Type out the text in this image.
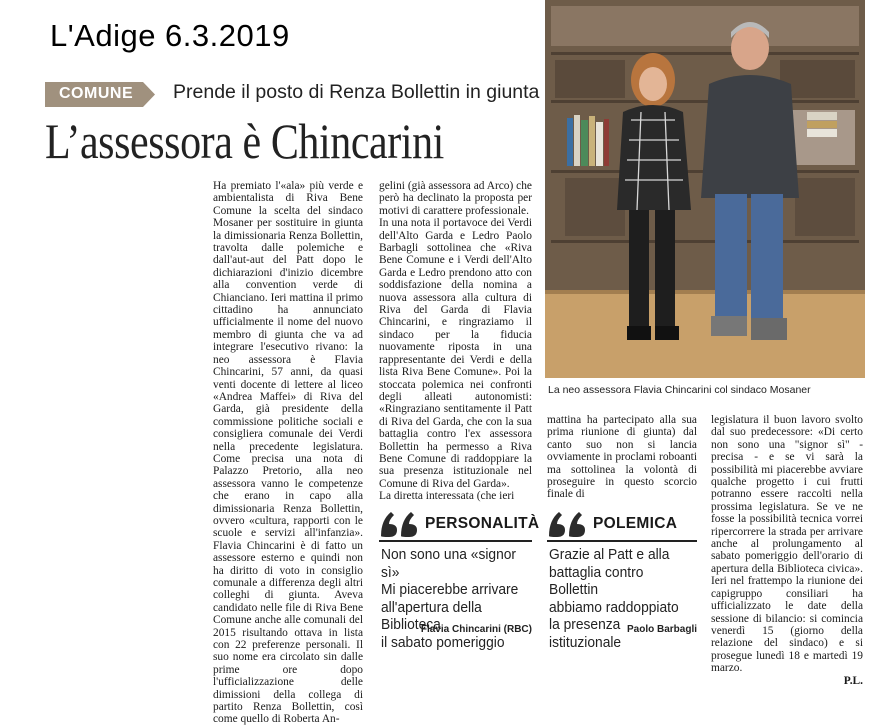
L'Adige 6.3.2019
COMUNE Prende il posto di Renza Bollettin in giunta
L’assessora è Chincarini

Ha premiato l'«ala» più verde e ambientalista di Riva Bene Comune la scelta del sindaco Mosaner per sostituire in giunta la dimissionaria Renza Bollettin, travolta dalle polemiche e dall'aut-aut del Patt dopo le dichiarazioni d'inizio dicembre alla convention verde di Chianciano. Ieri mattina il primo cittadino ha annunciato ufficialmente il nome del nuovo membro di giunta che va ad integrare l'esecutivo rivano: la neo assessora è Flavia Chincarini, 57 anni, da quasi venti docente di lettere al liceo «Andrea Maffei» di Riva del Garda, già presidente della commissione politiche sociali e consigliera comunale dei Verdi nella precedente legislatura. Come precisa una nota di Palazzo Pretorio, alla neo assessora vanno le competenze che erano in capo alla dimissionaria Renza Bollettin, ovvero «cultura, rapporti con le scuole e servizi all'infanzia». Flavia Chincarini è di fatto un assessore esterno e quindi non ha diritto di voto in consiglio comunale a differenza degli altri colleghi di giunta. Aveva candidato nelle file di Riva Bene Comune anche alle comunali del 2015 risultando ottava in lista con 22 preferenze personali. Il suo nome era circolato sin dalle prime ore dopo l'ufficializzazione delle dimissioni della collega di partito Renza Bollettin, così come quello di Roberta An-

gelini (già assessora ad Arco) che però ha declinato la proposta per motivi di carattere professionale.

In una nota il portavoce dei Verdi dell'Alto Garda e Ledro Paolo Barbagli sottolinea che «Riva Bene Comune e i Verdi dell'Alto Garda e Ledro prendono atto con soddisfazione della nomina a nuova assessora alla cultura di Riva del Garda di Flavia Chincarini, e ringraziamo il sindaco per la fiducia nuovamente riposta in una rappresentante dei Verdi e della lista Riva Bene Comune». Poi la stoccata polemica nei confronti degli alleati autonomisti: «Ringraziano sentitamente il Patt di Riva del Garda, che con la sua battaglia contro l'ex assessora Bollettin ha permesso a Riva Bene Comune di raddoppiare la sua presenza istituzionale nel Comune di Riva del Garda».

La diretta interessata (che ieri

mattina ha partecipato alla sua prima riunione di giunta) dal canto suo non si lancia ovviamente in proclami roboanti ma sottolinea la volontà di proseguire in questo scorcio finale di

legislatura il buon lavoro svolto dal suo predecessore: «Di certo non sono una "signor sì" - precisa - e se vi sarà la possibilità mi piacerebbe avviare qualche progetto i cui frutti potranno essere raccolti nella prossima legislatura. Se ve ne fosse la possibilità tecnica vorrei ripercorrere la strada per arrivare anche al prolungamento al sabato pomeriggio dell'orario di apertura della Biblioteca civica». Ieri nel frattempo la riunione dei capigruppo consiliari ha ufficializzato le date della sessione di bilancio: si comincia venerdì 15 (giorno della relazione del sindaco) e si prosegue lunedì 18 e martedì 19 marzo.

P.L.

PERSONALITÀ
Non sono una «signor sì»
Mi piacerebbe arrivare
all'apertura della Biblioteca
il sabato pomeriggio
Flavia Chincarini (RBC)
POLEMICA
Grazie al Patt e alla
battaglia contro Bollettin
abbiamo raddoppiato
la presenza istituzionale
Paolo Barbagli
La neo assessora Flavia Chincarini col sindaco Mosaner
